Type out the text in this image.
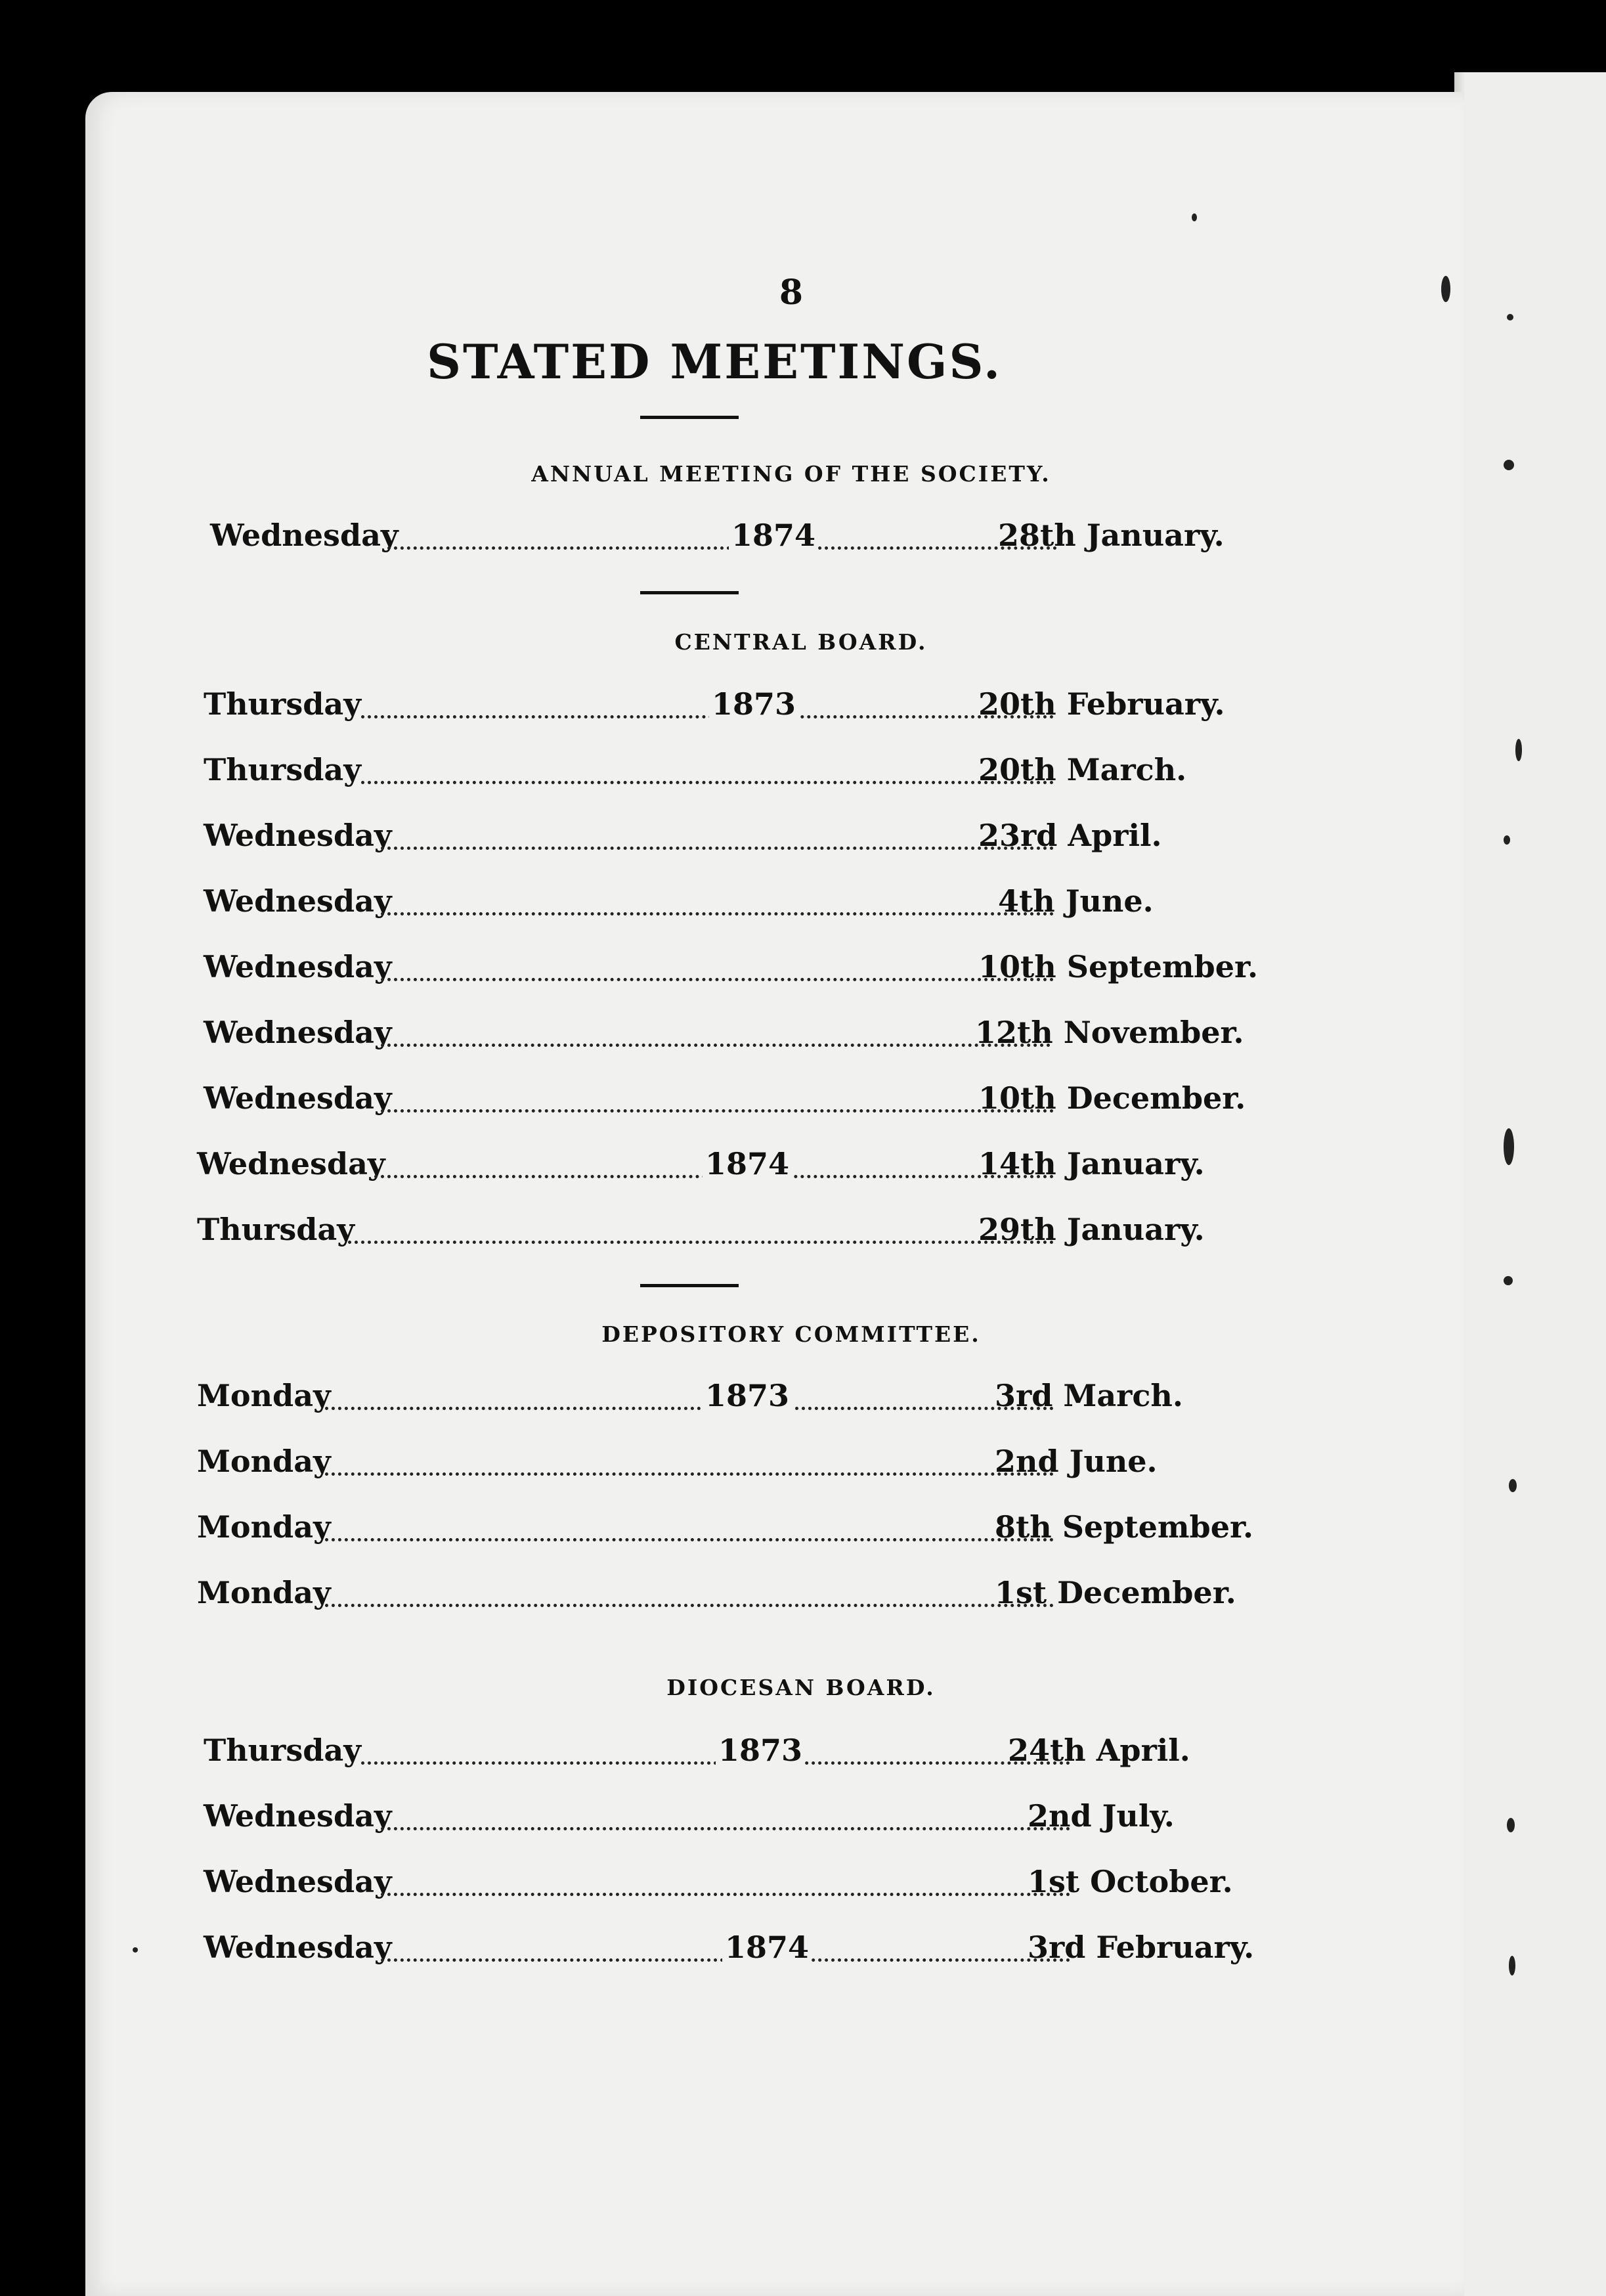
8
STATED MEETINGS.
ANNUAL MEETING OF THE SOCIETY.
Wednesday	1874	28th January.
CENTRAL BOARD.
Thursday	1873	20th February.
Thursday	20th March.
Wednesday	23rd April.
Wednesday	4th June.
Wednesday	10th September.
Wednesday	12th November.
Wednesday	10th December.
Wednesday	1874	14th January.
Thursday	29th January.
DEPOSITORY COMMITTEE.
Monday	1873	3rd March.
Monday	2nd June.
Monday	8th September.
Monday	1st December.
DIOCESAN BOARD.
Thursday	1873	24th April.
Wednesday	2nd July.
Wednesday	1st October.
Wednesday	1874	3rd February.
